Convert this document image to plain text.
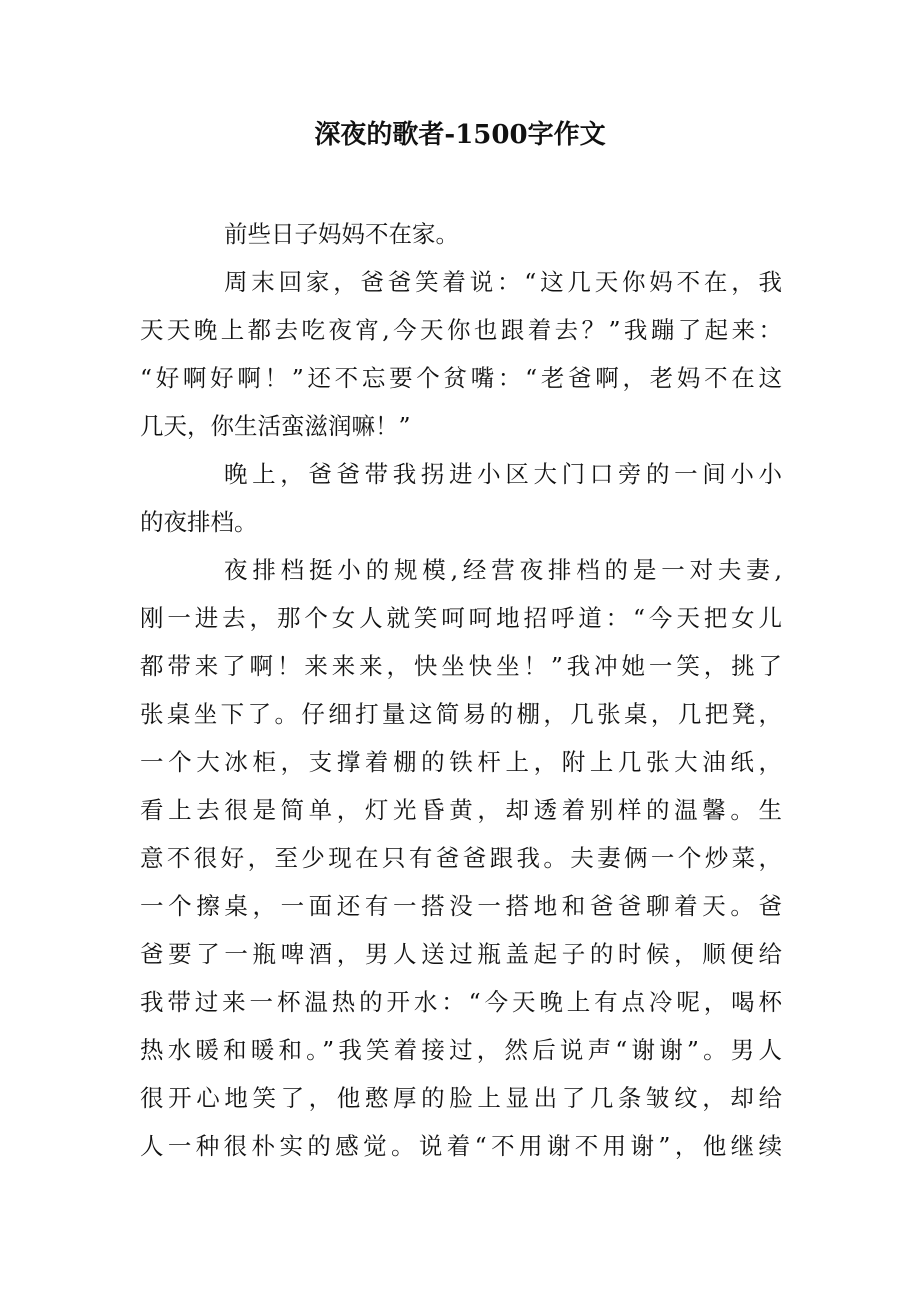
深夜的歌者-1500字作文
前些日子妈妈不在家。
周末回家，爸爸笑着说：“这几天你妈不在，我
天天晚上都去吃夜宵,今天你也跟着去？”我蹦了起来：
“好啊好啊！”还不忘要个贫嘴：“老爸啊，老妈不在这
几天，你生活蛮滋润嘛！”
晚上，爸爸带我拐进小区大门口旁的一间小小
的夜排档。
夜排档挺小的规模,经营夜排档的是一对夫妻,
刚一进去，那个女人就笑呵呵地招呼道：“今天把女儿
都带来了啊！来来来，快坐快坐！”我冲她一笑，挑了
张桌坐下了。仔细打量这简易的棚，几张桌，几把凳，
一个大冰柜，支撑着棚的铁杆上，附上几张大油纸，
看上去很是简单，灯光昏黄，却透着别样的温馨。生
意不很好，至少现在只有爸爸跟我。夫妻俩一个炒菜，
一个擦桌，一面还有一搭没一搭地和爸爸聊着天。爸
爸要了一瓶啤酒，男人送过瓶盖起子的时候，顺便给
我带过来一杯温热的开水：“今天晚上有点冷呢，喝杯
热水暖和暖和。”我笑着接过，然后说声“谢谢”。男人
很开心地笑了，他憨厚的脸上显出了几条皱纹，却给
人一种很朴实的感觉。说着“不用谢不用谢”，他继续
